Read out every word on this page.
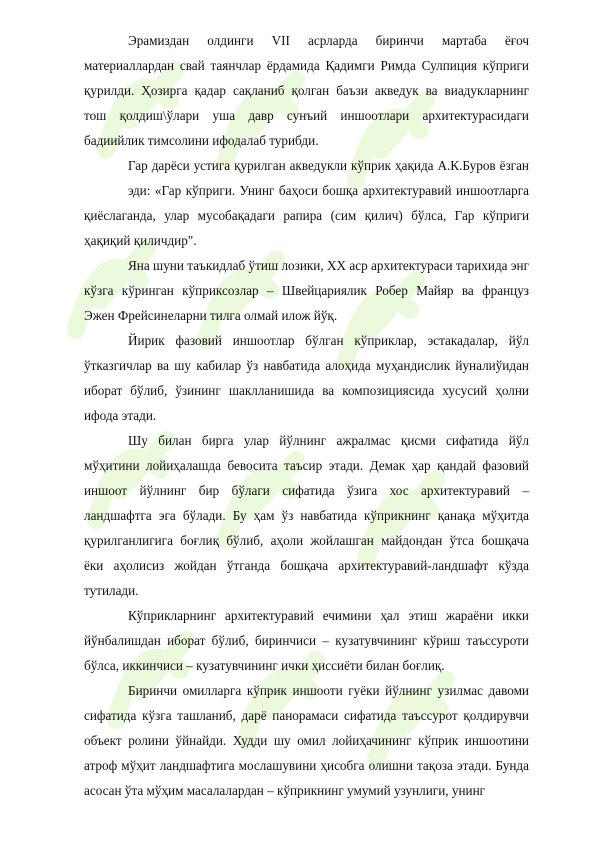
Эрамиздан олдинги VII асрларда биринчи мартаба ёғоч
материаллардан свай таянчлар ёрдамида Қадимги Римда Сулпиция кўприги
қурилди. Ҳозирга қадар сақланиб қолган баъзи акведук ва виадукларнинг
тош қолдиш\ўлари уша давр сунъий иншоотлари архитектурасидаги
бадиийлик тимсолини ифодалаб турибди.
Гар дарёси устига қурилган акведукли кўприк ҳақида А.К.Буров ёзган
эди: «Гар кўприги. Унинг баҳоси бошқа архитектуравий иншоотларга
қиёслаганда, улар мусобақадаги рапира (сим қилич) бўлса, Гар кўприги
ҳақиқий қиличдир".
Яна шуни таъкидлаб ўтиш лозики, XX аср архитектураси тарихида энг
кўзга кўринган кўприксозлар – Швейцариялик Робер Майяр ва француз
Эжен Фрейсинеларни тилга олмай илож йўқ.
Йирик фазовий иншоотлар бўлган кўприклар, эстакадалар, йўл
ўтказгичлар ва шу кабилар ўз навбатида алоҳида муҳандислик йуналиўидан
иборат бўлиб, ўзининг шаклланишида ва композициясида хусусий ҳолни
ифода этади.
Шу билан бирга улар йўлнинг ажралмас қисми сифатида йўл
мўҳитини лойиҳалашда бевосита таъсир этади. Демак ҳар қандай фазовий
иншоот йўлнинг бир бўлаги сифатида ўзига хос архитектуравий –
ландшафтга эга бўлади. Бу ҳам ўз навбатида кўприкнинг қанақа мўҳитда
қурилганлигига боғлиқ бўлиб, аҳоли жойлашган майдондан ўтса бошқача
ёки аҳолисиз жойдан ўтганда бошқача архитектуравий-ландшафт кўзда
тутилади.
Кўприкларнинг архитектуравий ечимини ҳал этиш жараёни икки
йўнбалишдан иборат бўлиб, биринчиси – кузатувчининг кўриш таъссуроти
бўлса, иккинчиси – кузатувчининг ички ҳиссиёти билан боғлиқ.
Биринчи омилларга кўприк иншооти гуёки йўлнинг узилмас давоми
сифатида кўзга ташланиб, дарё панорамаси сифатида таъссурот қолдирувчи
объект ролини ўйнайди. Худди шу омил лойиҳачининг кўприк иншоотини
атроф мўҳит ландшафтига мослашувини ҳисобга олишни тақоза этади. Бунда
асосан ўта мўҳим масалалардан – кўприкнинг умумий узунлиги, унинг
